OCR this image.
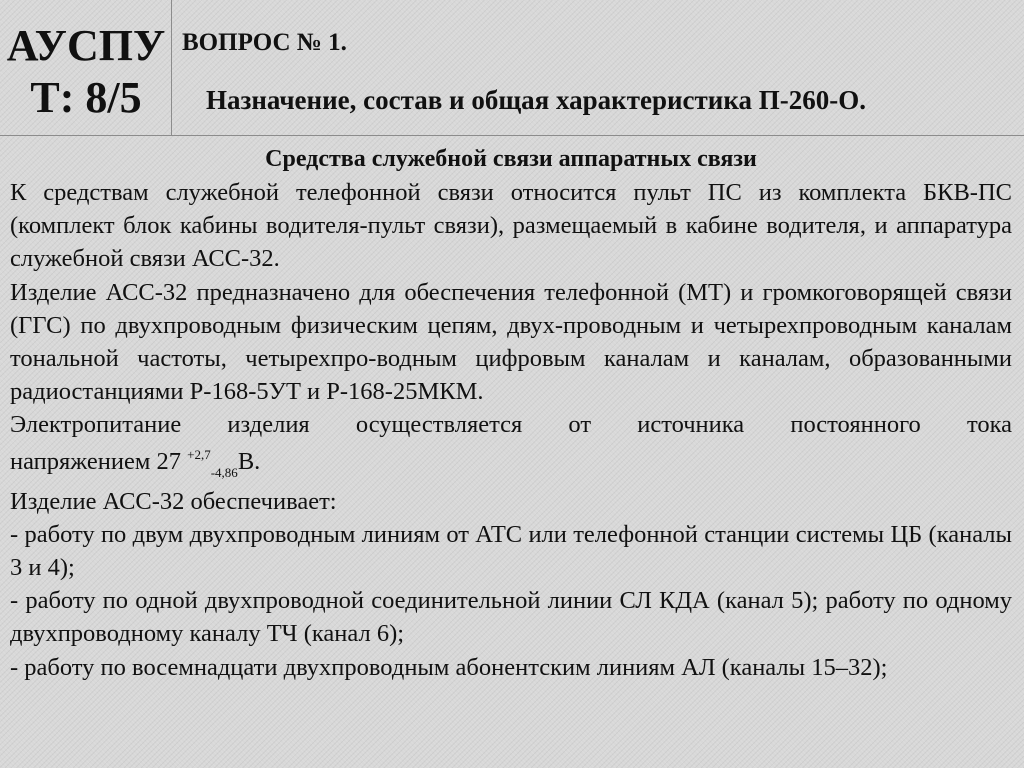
АУСПУ
Т: 8/5
ВОПРОС № 1.
Назначение, состав и общая характеристика П-260-О.

Средства служебной связи аппаратных связи

К средствам служебной телефонной связи относится пульт ПС из комплекта БКВ-ПС (комплект блок кабины водителя-пульт связи), размещаемый в кабине водителя, и аппаратура служебной связи АСС-32.

Изделие АСС-32 предназначено для обеспечения телефонной (МТ) и громкоговорящей связи (ГГС) по двухпроводным физическим цепям, двух-проводным и четырехпроводным каналам тональной частоты, четырехпро-водным цифровым каналам и каналам, образованными радиостанциями Р-168-5УТ и Р-168-25МКМ.

Электропитание изделия осуществляется от источника постоянного тока

напряжением 27 $^{+2,7}_{-4,86}$В.

Изделие АСС-32 обеспечивает:

- работу по двум двухпроводным линиям от АТС или телефонной станции системы ЦБ (каналы 3 и 4);

- работу по одной двухпроводной соединительной линии СЛ КДА (канал 5); работу по одному двухпроводному каналу ТЧ (канал 6);

- работу по восемнадцати двухпроводным абонентским линиям АЛ (каналы 15–32);
